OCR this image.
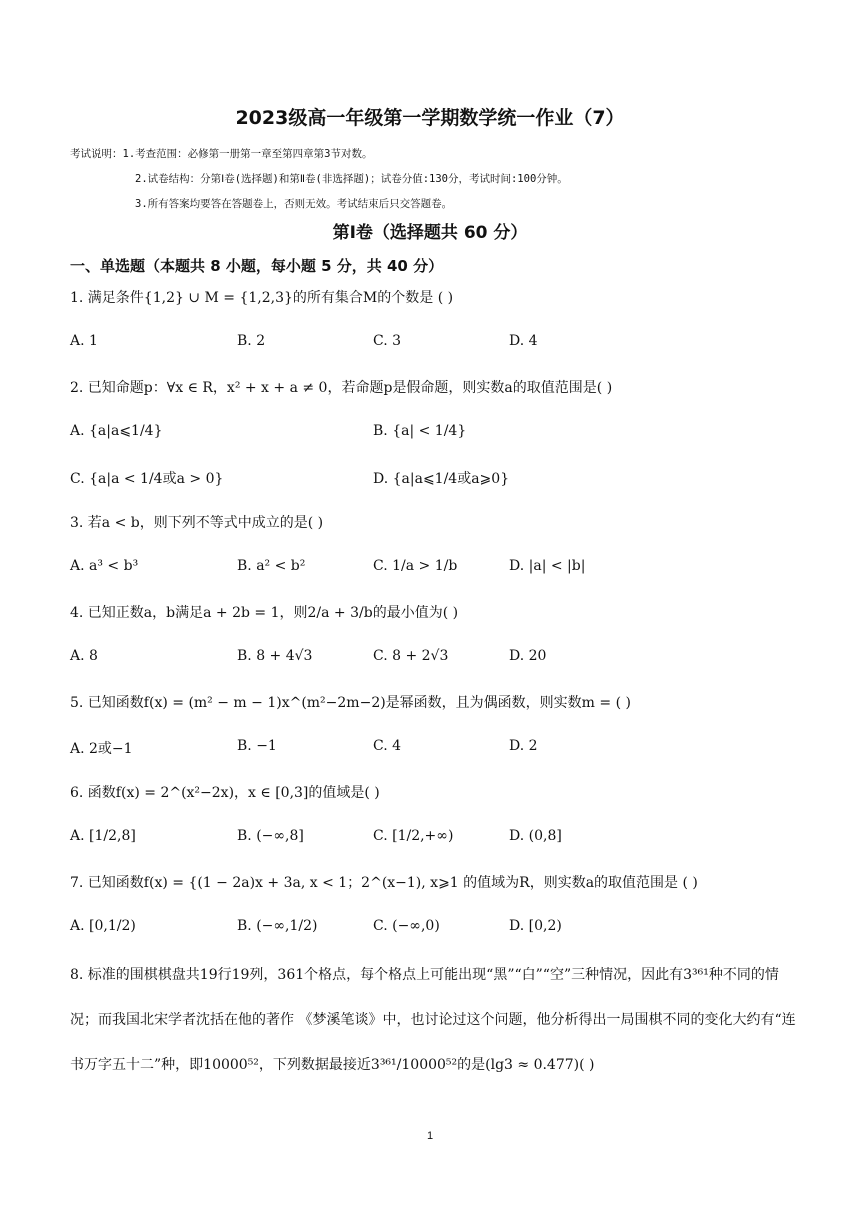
2023级高一年级第一学期数学统一作业（7）
考试说明：1.考查范围：必修第一册第一章至第四章第3节对数。
2.试卷结构：分第Ⅰ卷(选择题)和第Ⅱ卷(非选择题)；试卷分值:130分，考试时间:100分钟。
3.所有答案均要答在答题卷上，否则无效。考试结束后只交答题卷。
第Ⅰ卷（选择题共 60 分）
一、单选题（本题共 8 小题，每小题 5 分，共 40 分）
1. 满足条件{1,2} ∪ M = {1,2,3}的所有集合M的个数是 ( )
A. 1	B. 2	C. 3	D. 4
2. 已知命题p：∀x ∈ R，x² + x + a ≠ 0，若命题p是假命题，则实数a的取值范围是( )
A. {a|a⩽1/4}	B. {a| < 1/4}
C. {a|a < 1/4或a > 0}	D. {a|a⩽1/4或a⩾0}
3. 若a < b，则下列不等式中成立的是( )
A. a³ < b³	B. a² < b²	C. 1/a > 1/b	D. |a| < |b|
4. 已知正数a，b满足a + 2b = 1，则2/a + 3/b的最小值为( )
A. 8	B. 8 + 4√3	C. 8 + 2√3	D. 20
5. 已知函数f(x) = (m² − m − 1)x^(m²−2m−2)是幂函数，且为偶函数，则实数m = ( )
A. 2或−1	B. −1	C. 4	D. 2
6. 函数f(x) = 2^(x²−2x)，x ∈ [0,3]的值域是( )
A. [1/2,8]	B. (−∞,8]	C. [1/2,+∞)	D. (0,8]
7. 已知函数f(x) = {(1 − 2a)x + 3a, x < 1；2^(x−1), x⩾1 的值域为R，则实数a的取值范围是 ( )
A. [0,1/2)	B. (−∞,1/2)	C. (−∞,0)	D. [0,2)
8. 标准的围棋棋盘共19行19列，361个格点，每个格点上可能出现“黑”“白”“空”三种情况，因此有3³⁶¹种不同的情况；而我国北宋学者沈括在他的著作 《梦溪笔谈》中，也讨论过这个问题，他分析得出一局围棋不同的变化大约有“连书万字五十二”种，即10000⁵²，下列数据最接近3³⁶¹/10000⁵²的是(lg3 ≈ 0.477)( )
1
